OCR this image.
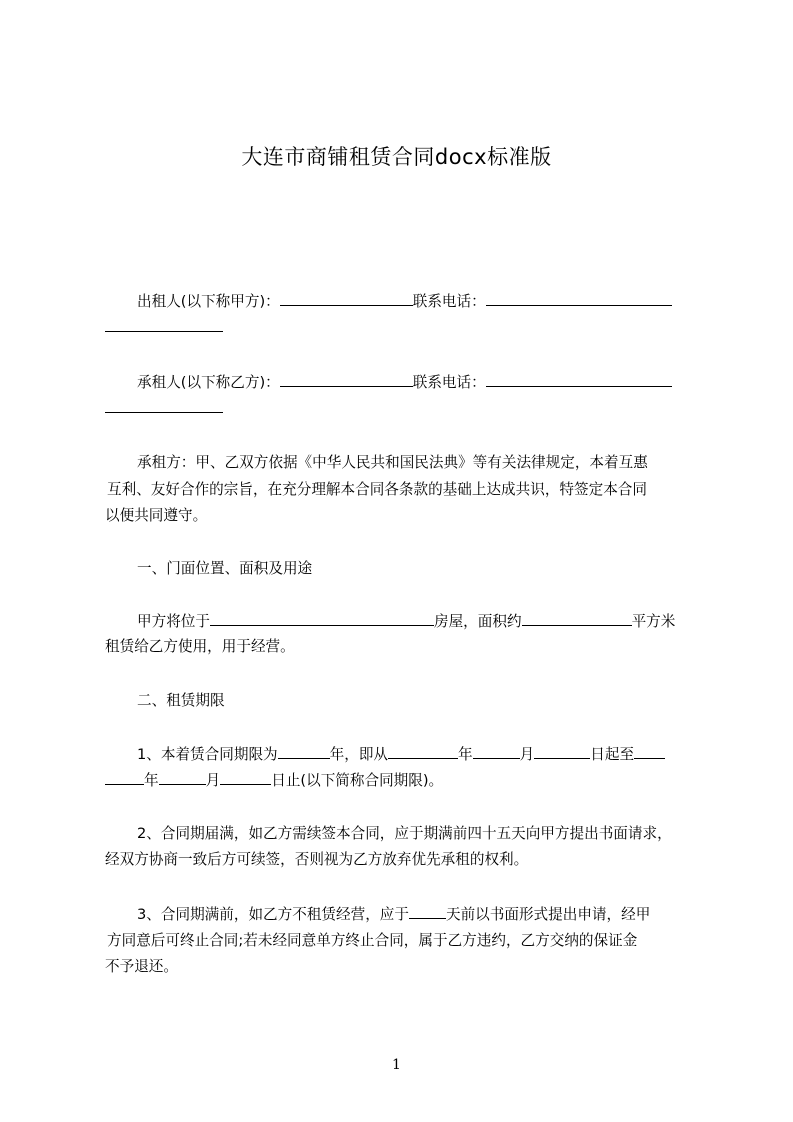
大连市商铺租赁合同docx标准版
出租人(以下称甲方)：	联系电话：
承租人(以下称乙方)：	联系电话：
承租方：甲、乙双方依据《中华人民共和国民法典》等有关法律规定，本着互惠
互利、友好合作的宗旨，在充分理解本合同各条款的基础上达成共识，特签定本合同
以便共同遵守。
一、门面位置、面积及用途
甲方将位于	房屋，面积约	平方米
租赁给乙方使用，用于经营。
二、租赁期限
1、本着赁合同期限为	年，即从	年	月	日起至
年	月	日止(以下简称合同期限)。
2、合同期届满，如乙方需续签本合同，应于期满前四十五天向甲方提出书面请求，
经双方协商一致后方可续签，否则视为乙方放弃优先承租的权利。
3、合同期满前，如乙方不租赁经营，应于	天前以书面形式提出申请，经甲
方同意后可终止合同;若未经同意单方终止合同，属于乙方违约，乙方交纳的保证金
不予退还。
1
